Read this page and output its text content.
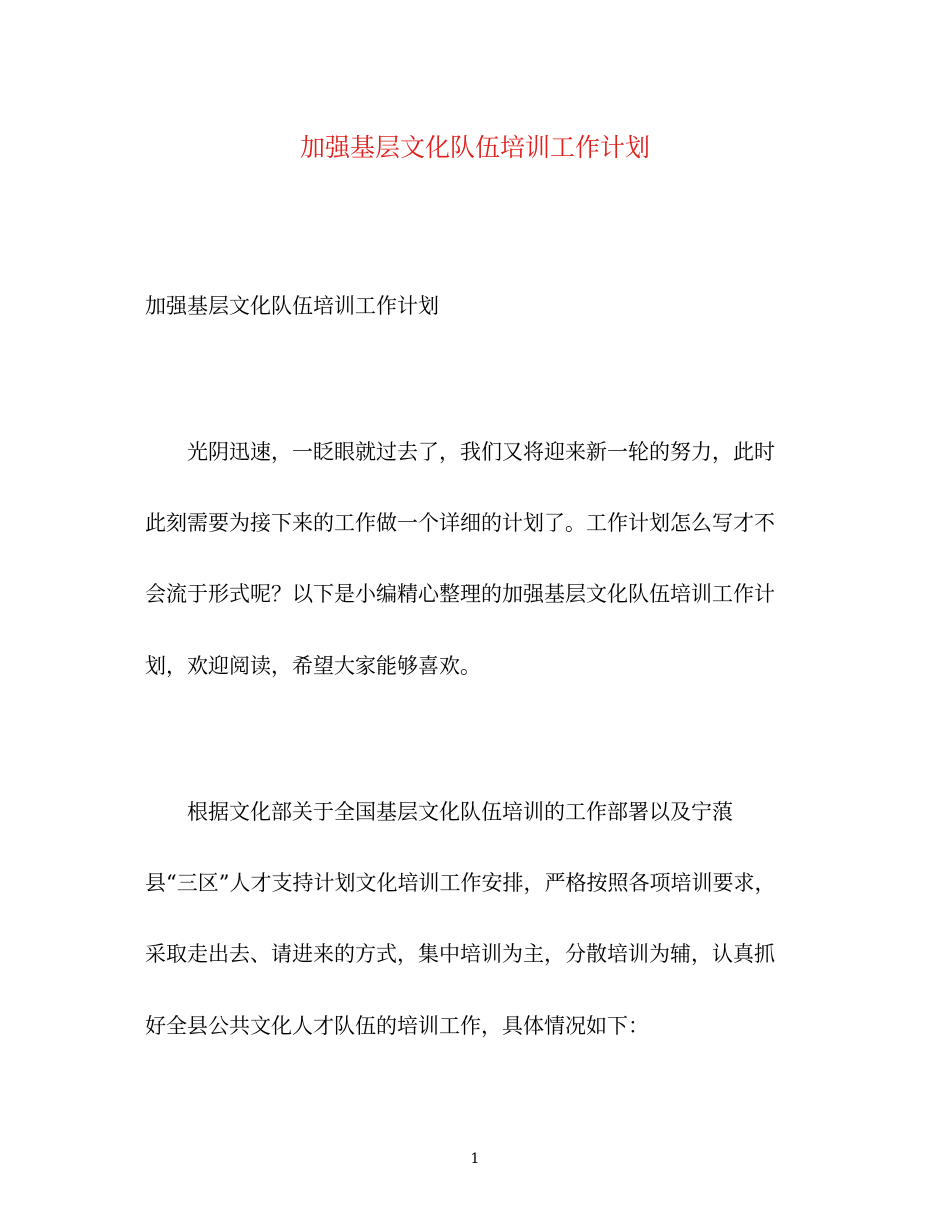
加强基层文化队伍培训工作计划

加强基层文化队伍培训工作计划

光阴迅速，一眨眼就过去了，我们又将迎来新一轮的努力，此时

此刻需要为接下来的工作做一个详细的计划了。工作计划怎么写才不

会流于形式呢？以下是小编精心整理的加强基层文化队伍培训工作计

划，欢迎阅读，希望大家能够喜欢。

根据文化部关于全国基层文化队伍培训的工作部署以及宁蒗

县“三区”人才支持计划文化培训工作安排，严格按照各项培训要求，

采取走出去、请进来的方式，集中培训为主，分散培训为辅，认真抓

好全县公共文化人才队伍的培训工作，具体情况如下：

1
